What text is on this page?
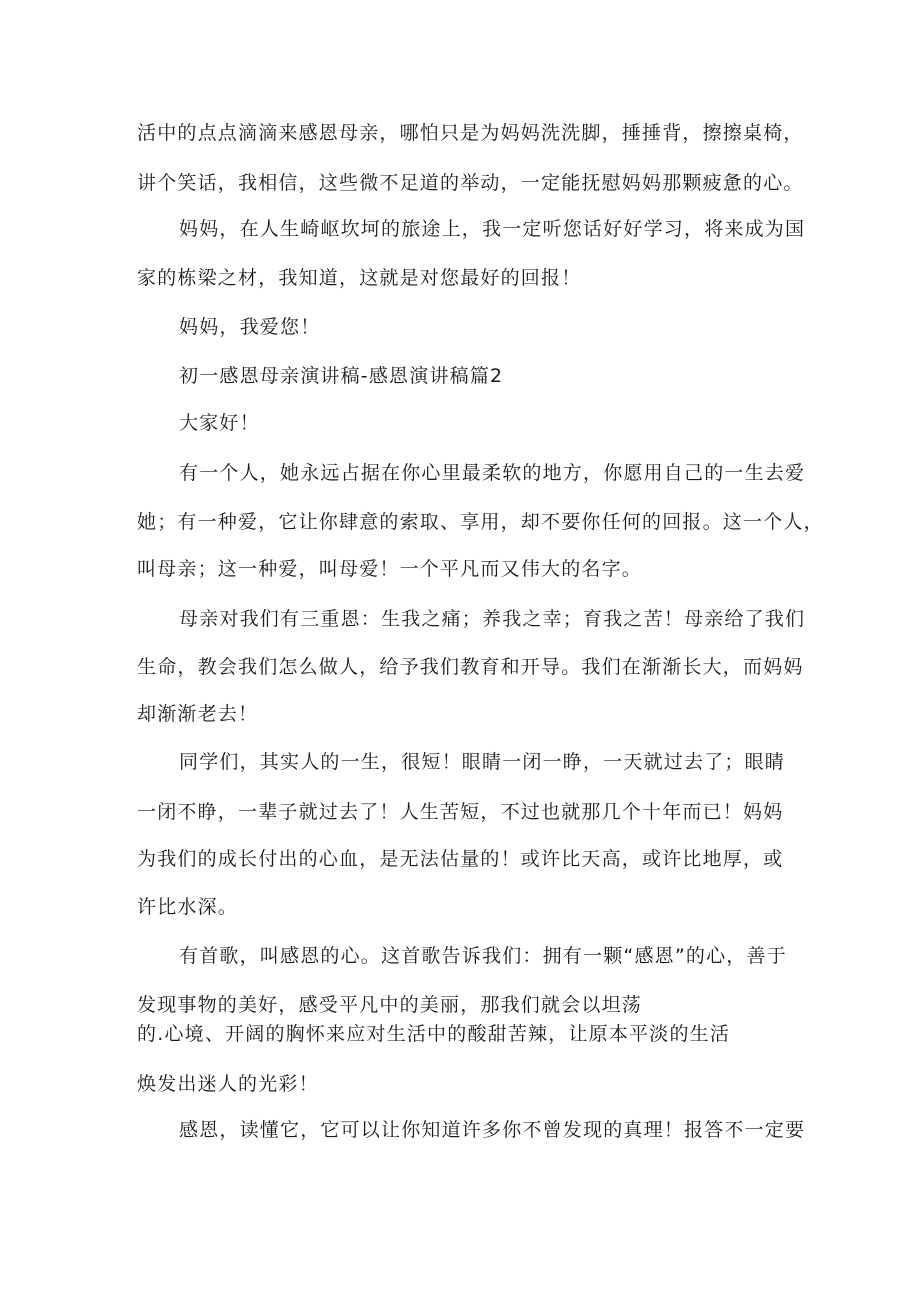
活中的点点滴滴来感恩母亲，哪怕只是为妈妈洗洗脚，捶捶背，擦擦桌椅，
讲个笑话，我相信，这些微不足道的举动，一定能抚慰妈妈那颗疲惫的心。
妈妈，在人生崎岖坎坷的旅途上，我一定听您话好好学习，将来成为国
家的栋梁之材，我知道，这就是对您最好的回报！
妈妈，我爱您！
初一感恩母亲演讲稿-感恩演讲稿篇2
大家好！
有一个人，她永远占据在你心里最柔软的地方，你愿用自己的一生去爱
她；有一种爱，它让你肆意的索取、享用，却不要你任何的回报。这一个人，
叫母亲；这一种爱，叫母爱！一个平凡而又伟大的名字。
母亲对我们有三重恩：生我之痛；养我之幸；育我之苦！母亲给了我们
生命，教会我们怎么做人，给予我们教育和开导。我们在渐渐长大，而妈妈
却渐渐老去！
同学们，其实人的一生，很短！眼睛一闭一睁，一天就过去了；眼睛
一闭不睁，一辈子就过去了！人生苦短，不过也就那几个十年而已！妈妈
为我们的成长付出的心血，是无法估量的！或许比天高，或许比地厚，或
许比水深。
有首歌，叫感恩的心。这首歌告诉我们：拥有一颗“感恩”的心，善于
发现事物的美好，感受平凡中的美丽，那我们就会以坦荡
的.心境、开阔的胸怀来应对生活中的酸甜苦辣，让原本平淡的生活
焕发出迷人的光彩！
感恩，读懂它，它可以让你知道许多你不曾发现的真理！报答不一定要
